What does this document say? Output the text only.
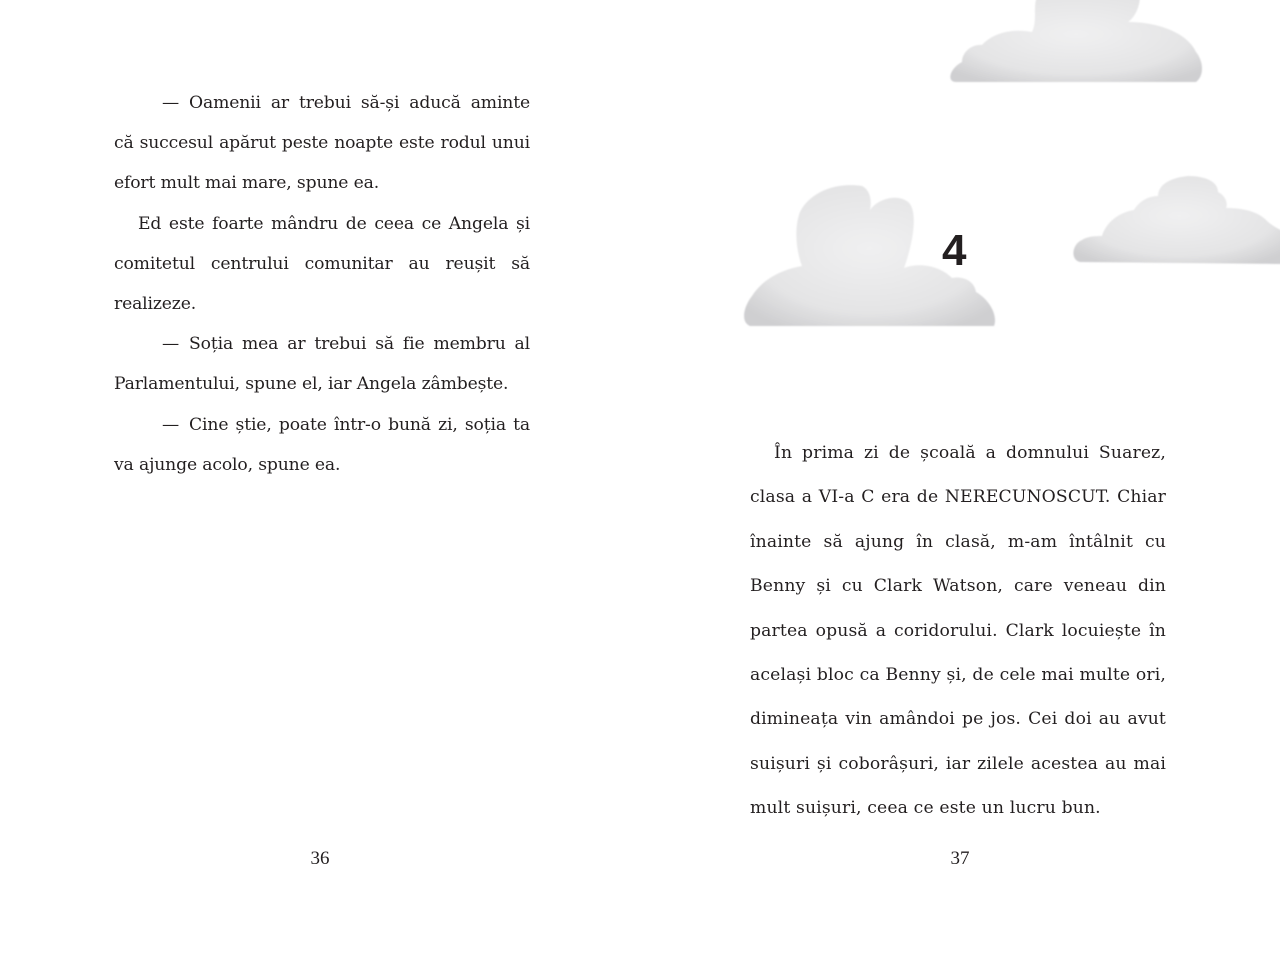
— Oamenii ar trebui să-și aducă aminte că succesul apărut peste noapte este rodul unui efort mult mai mare, spune ea.

Ed este foarte mândru de ceea ce Angela și comitetul centrului comunitar au reușit să realizeze.

— Soția mea ar trebui să fie membru al Parlamentului, spune el, iar Angela zâmbește.

— Cine știe, poate într-o bună zi, soția ta va ajunge acolo, spune ea.

36
4

În prima zi de școală a domnului Suarez, clasa a VI-a C era de NERECUNOSCUT. Chiar înainte să ajung în clasă, m-am întâlnit cu Benny și cu Clark Watson, care veneau din partea opusă a coridorului. Clark locuiește în același bloc ca Benny și, de cele mai multe ori, dimineața vin amândoi pe jos. Cei doi au avut suișuri și coborâșuri, iar zilele acestea au mai mult suișuri, ceea ce este un lucru bun.

37
